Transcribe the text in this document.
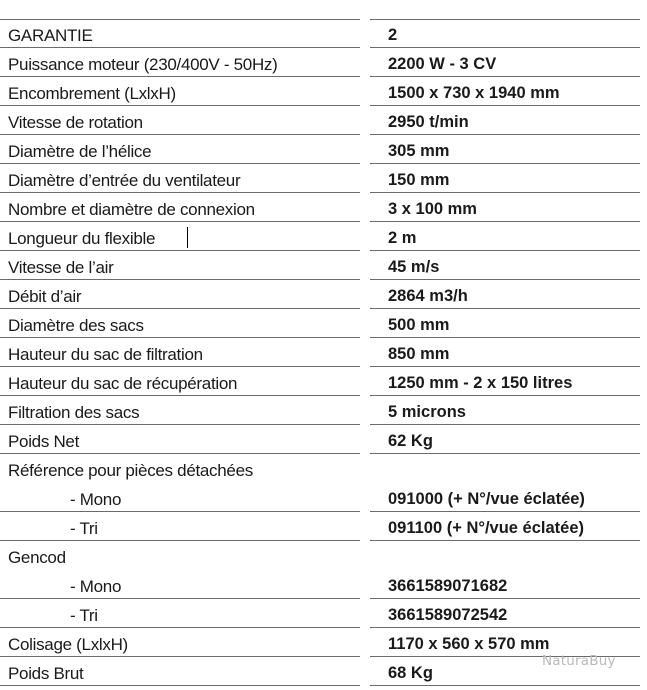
GARANTIE	2
Puissance moteur (230/400V - 50Hz)	2200 W - 3 CV
Encombrement (LxlxH)	1500 x 730 x 1940 mm
Vitesse de rotation	2950 t/min
Diamètre de l’hélice	305 mm
Diamètre d’entrée du ventilateur	150 mm
Nombre et diamètre de connexion	3 x 100 mm
Longueur du flexible	2 m
Vitesse de l’air	45 m/s
Débit d’air	2864 m3/h
Diamètre des sacs	500 mm
Hauteur du sac de filtration	850 mm
Hauteur du sac de récupération	1250 mm - 2 x 150 litres
Filtration des sacs	5 microns
Poids Net	62 Kg
Référence pour pièces détachées
- Mono	091000 (+ N°/vue éclatée)
- Tri	091100 (+ N°/vue éclatée)
Gencod
- Mono	3661589071682
- Tri	3661589072542
Colisage (LxlxH)	1170 x 560 x 570 mm
Poids Brut	68 Kg
NaturaBuy
